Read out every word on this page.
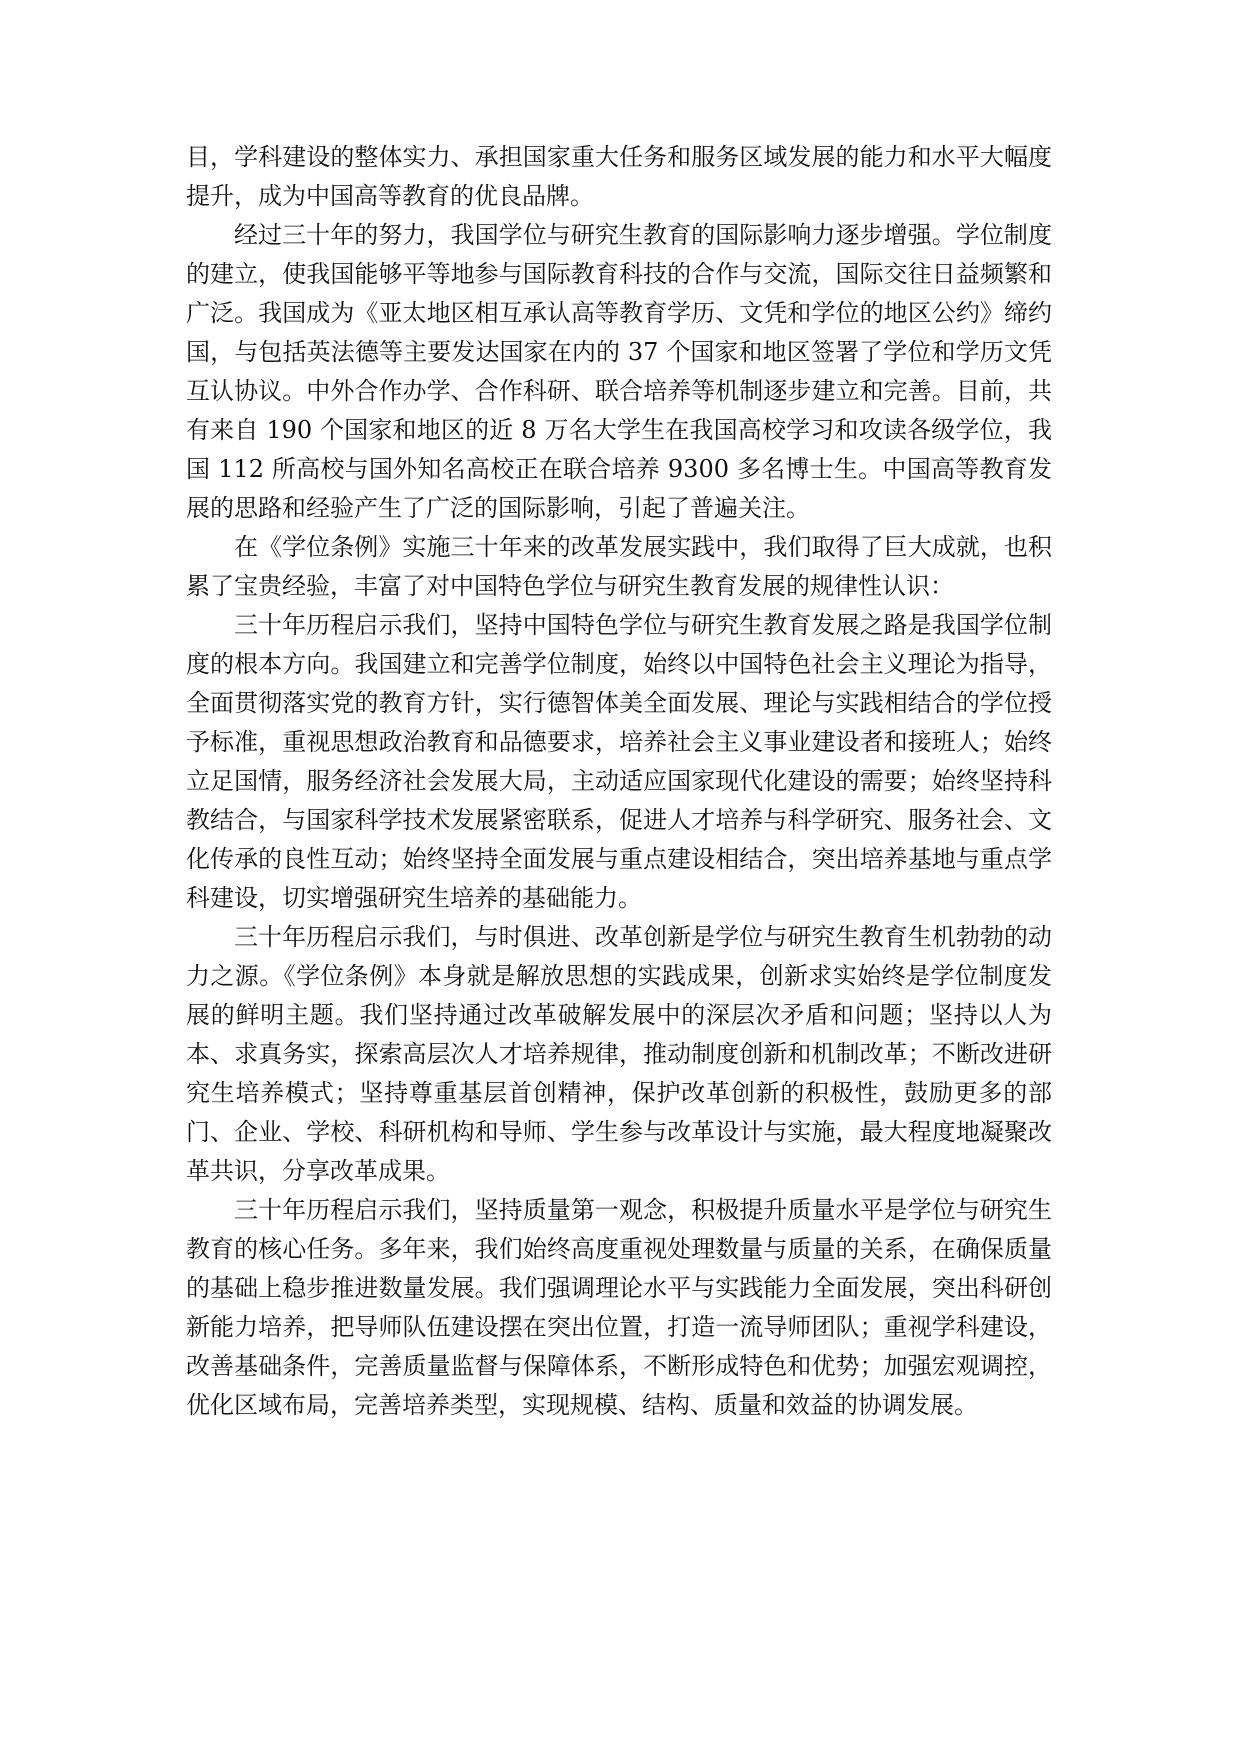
目，学科建设的整体实力、承担国家重大任务和服务区域发展的能力和水平大幅度提升，成为中国高等教育的优良品牌。

经过三十年的努力，我国学位与研究生教育的国际影响力逐步增强。学位制度的建立，使我国能够平等地参与国际教育科技的合作与交流，国际交往日益频繁和广泛。我国成为《亚太地区相互承认高等教育学历、文凭和学位的地区公约》缔约国，与包括英法德等主要发达国家在内的 37 个国家和地区签署了学位和学历文凭互认协议。中外合作办学、合作科研、联合培养等机制逐步建立和完善。目前，共有来自 190 个国家和地区的近 8 万名大学生在我国高校学习和攻读各级学位，我国 112 所高校与国外知名高校正在联合培养 9300 多名博士生。中国高等教育发展的思路和经验产生了广泛的国际影响，引起了普遍关注。

在《学位条例》实施三十年来的改革发展实践中，我们取得了巨大成就，也积累了宝贵经验，丰富了对中国特色学位与研究生教育发展的规律性认识：

三十年历程启示我们，坚持中国特色学位与研究生教育发展之路是我国学位制度的根本方向。我国建立和完善学位制度，始终以中国特色社会主义理论为指导，全面贯彻落实党的教育方针，实行德智体美全面发展、理论与实践相结合的学位授予标准，重视思想政治教育和品德要求，培养社会主义事业建设者和接班人；始终立足国情，服务经济社会发展大局，主动适应国家现代化建设的需要；始终坚持科教结合，与国家科学技术发展紧密联系，促进人才培养与科学研究、服务社会、文化传承的良性互动；始终坚持全面发展与重点建设相结合，突出培养基地与重点学科建设，切实增强研究生培养的基础能力。

三十年历程启示我们，与时俱进、改革创新是学位与研究生教育生机勃勃的动力之源。《学位条例》本身就是解放思想的实践成果，创新求实始终是学位制度发展的鲜明主题。我们坚持通过改革破解发展中的深层次矛盾和问题；坚持以人为本、求真务实，探索高层次人才培养规律，推动制度创新和机制改革；不断改进研究生培养模式；坚持尊重基层首创精神，保护改革创新的积极性，鼓励更多的部门、企业、学校、科研机构和导师、学生参与改革设计与实施，最大程度地凝聚改革共识，分享改革成果。

三十年历程启示我们，坚持质量第一观念，积极提升质量水平是学位与研究生教育的核心任务。多年来，我们始终高度重视处理数量与质量的关系，在确保质量的基础上稳步推进数量发展。我们强调理论水平与实践能力全面发展，突出科研创新能力培养，把导师队伍建设摆在突出位置，打造一流导师团队；重视学科建设，改善基础条件，完善质量监督与保障体系，不断形成特色和优势；加强宏观调控，优化区域布局，完善培养类型，实现规模、结构、质量和效益的协调发展。
